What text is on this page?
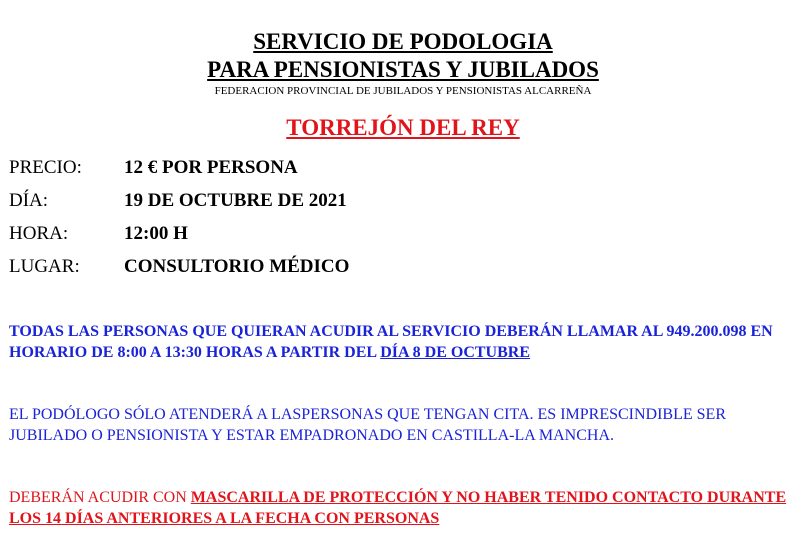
SERVICIO DE PODOLOGIA
PARA PENSIONISTAS Y JUBILADOS

FEDERACION PROVINCIAL DE JUBILADOS Y PENSIONISTAS ALCARREÑA

TORREJÓN DEL REY
PRECIO: 12 € POR PERSONA
DÍA:	19 DE OCTUBRE DE 2021
HORA:	12:00 H
LUGAR: CONSULTORIO MÉDICO

TODAS LAS PERSONAS QUE QUIERAN ACUDIR AL SERVICIO DEBERÁN LLAMAR AL 949.200.098 EN HORARIO DE 8:00 A 13:30 HORAS A PARTIR DEL DÍA 8 DE OCTUBRE

EL PODÓLOGO SÓLO ATENDERÁ A LASPERSONAS QUE TENGAN CITA. ES IMPRESCINDIBLE SER JUBILADO O PENSIONISTA Y ESTAR EMPADRONADO EN CASTILLA-LA MANCHA.

DEBERÁN ACUDIR CON MASCARILLA DE PROTECCIÓN Y NO HABER TENIDO CONTACTO DURANTE LOS 14 DÍAS ANTERIORES A LA FECHA CON PERSONAS
